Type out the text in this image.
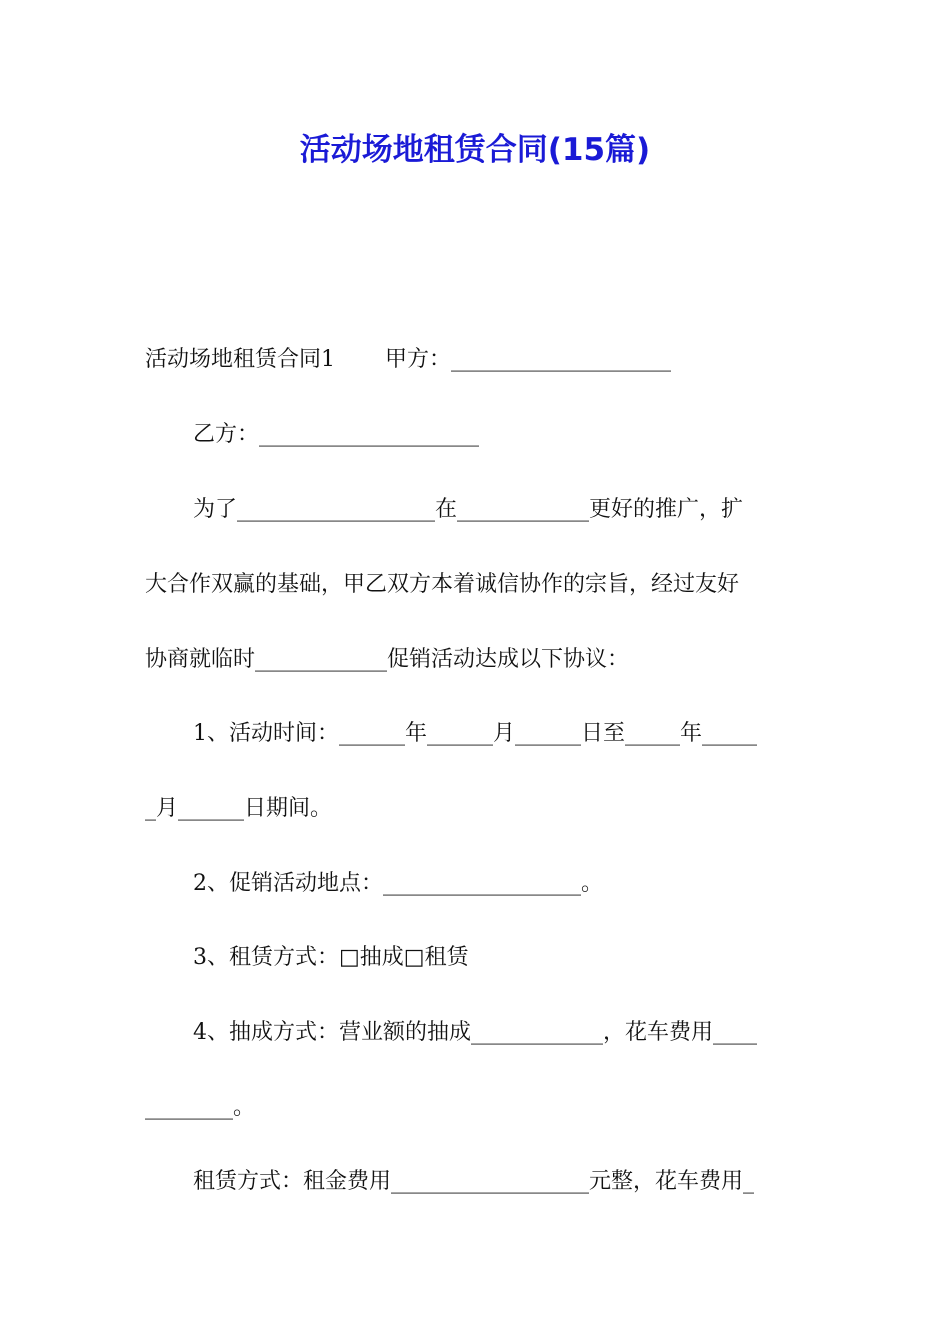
活动场地租赁合同(15篇)

活动场地租赁合同1 甲方：____________________

乙方：____________________

为了__________________在____________更好的推广，扩

大合作双赢的基础，甲乙双方本着诚信协作的宗旨，经过友好

协商就临时____________促销活动达成以下协议：

1、活动时间：______年______月______日至_____年_____

_月______日期间。

2、促销活动地点：__________________。

3、租赁方式：□抽成□租赁

4、抽成方式：营业额的抽成____________，花车费用____

________。

租赁方式：租金费用__________________元整，花车费用_
